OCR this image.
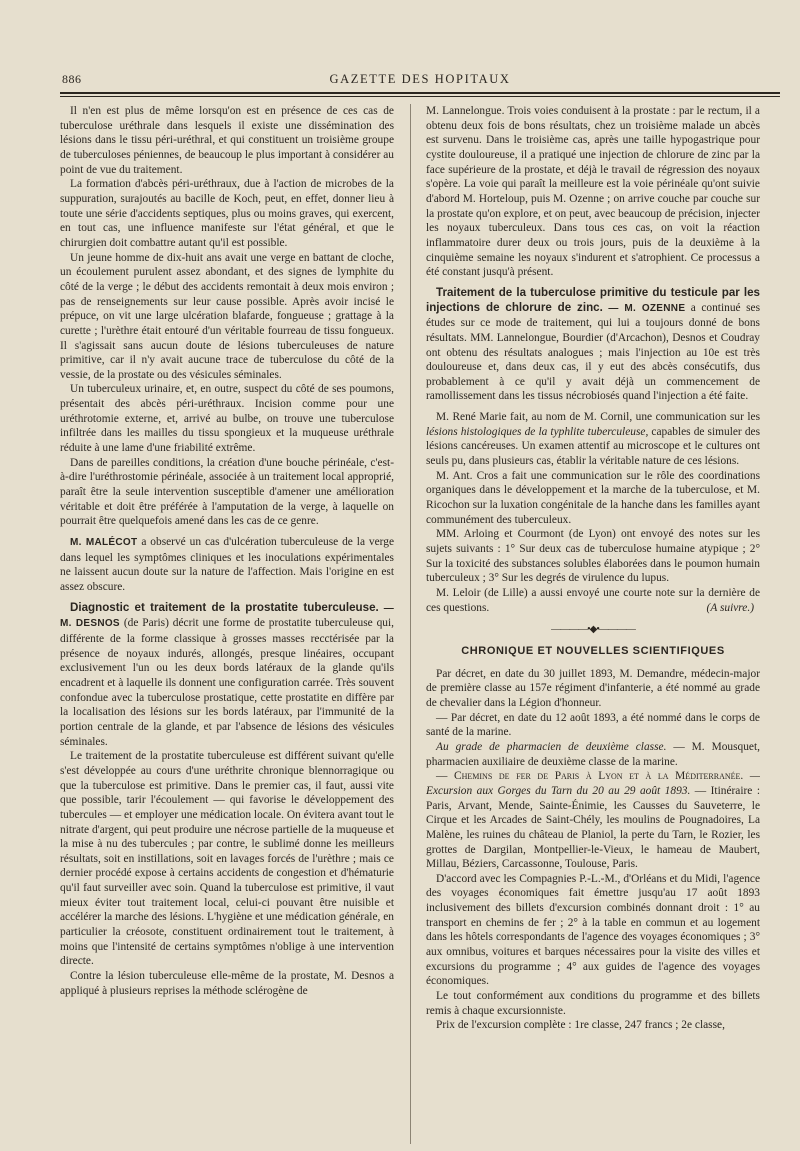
886	GAZETTE DES HOPITAUX

Il n'en est plus de même lorsqu'on est en présence de ces cas de tuberculose uréthrale dans lesquels il existe une dissémination des lésions dans le tissu péri-uréthral, et qui constituent un troisième groupe de tuberculoses péniennes, de beaucoup le plus important à considérer au point de vue du traitement.

La formation d'abcès péri-uréthraux, due à l'action de microbes de la suppuration, surajoutés au bacille de Koch, peut, en effet, donner lieu à toute une série d'accidents septiques, plus ou moins graves, qui exercent, en tout cas, une influence manifeste sur l'état général, et que le chirurgien doit combattre autant qu'il est possible.

Un jeune homme de dix-huit ans avait une verge en battant de cloche, un écoulement purulent assez abondant, et des signes de lymphite du côté de la verge ; le début des accidents remontait à deux mois environ ; pas de renseignements sur leur cause possible. Après avoir incisé le prépuce, on vit une large ulcération blafarde, fongueuse ; grattage à la curette ; l'urèthre était entouré d'un véritable fourreau de tissu fongueux. Il s'agissait sans aucun doute de lésions tuberculeuses de nature primitive, car il n'y avait aucune trace de tuberculose du côté de la vessie, de la prostate ou des vésicules séminales.

Un tuberculeux urinaire, et, en outre, suspect du côté de ses poumons, présentait des abcès péri-uréthraux. Incision comme pour une uréthrotomie externe, et, arrivé au bulbe, on trouve une tuberculose infiltrée dans les mailles du tissu spongieux et la muqueuse uréthrale réduite à une lame d'une friabilité extrême.

Dans de pareilles conditions, la création d'une bouche périnéale, c'est-à-dire l'uréthrostomie périnéale, associée à un traitement local approprié, paraît être la seule intervention susceptible d'amener une amélioration véritable et doit être préférée à l'amputation de la verge, à laquelle on pourrait être quelquefois amené dans les cas de ce genre.

M. MALÉCOT a observé un cas d'ulcération tuberculeuse de la verge dans lequel les symptômes cliniques et les inoculations expérimentales ne laissent aucun doute sur la nature de l'affection. Mais l'origine en est assez obscure.

Diagnostic et traitement de la prostatite tuberculeuse. — M. DESNOS (de Paris) décrit une forme de prostatite tuberculeuse qui, différente de la forme classique à grosses masses recctérisée par la présence de noyaux indurés, allongés, presque linéaires, occupant exclusivement l'un ou les deux bords latéraux de la glande qu'ils encadrent et à laquelle ils donnent une configuration carrée. Très souvent confondue avec la tuberculose prostatique, cette prostatite en diffère par la localisation des lésions sur les bords latéraux, par l'immunité de la portion centrale de la glande, et par l'absence de lésions des vésicules séminales.

Le traitement de la prostatite tuberculeuse est différent suivant qu'elle s'est développée au cours d'une uréthrite chronique blennorragique ou que la tuberculose est primitive. Dans le premier cas, il faut, aussi vite que possible, tarir l'écoulement — qui favorise le développement des tubercules — et employer une médication locale. On évitera avant tout le nitrate d'argent, qui peut produire une nécrose partielle de la muqueuse et la mise à nu des tubercules ; par contre, le sublimé donne les meilleurs résultats, soit en instillations, soit en lavages forcés de l'urèthre ; mais ce dernier procédé expose à certains accidents de congestion et d'hématurie qu'il faut surveiller avec soin. Quand la tuberculose est primitive, il vaut mieux éviter tout traitement local, celui-ci pouvant être nuisible et accélérer la marche des lésions. L'hygiène et une médication générale, en particulier la créosote, constituent ordinairement tout le traitement, à moins que l'intensité de certains symptômes n'oblige à une intervention directe.

Contre la lésion tuberculeuse elle-même de la prostate, M. Desnos a appliqué à plusieurs reprises la méthode sclérogène de

M. Lannelongue. Trois voies conduisent à la prostate : par le rectum, il a obtenu deux fois de bons résultats, chez un troisième malade un abcès est survenu. Dans le troisième cas, après une taille hypogastrique pour cystite douloureuse, il a pratiqué une injection de chlorure de zinc par la face supérieure de la prostate, et déjà le travail de régression des noyaux s'opère. La voie qui paraît la meilleure est la voie périnéale qu'ont suivie d'abord M. Horteloup, puis M. Ozenne ; on arrive couche par couche sur la prostate qu'on explore, et on peut, avec beaucoup de précision, injecter les noyaux tuberculeux. Dans tous ces cas, on voit la réaction inflammatoire durer deux ou trois jours, puis de la deuxième à la cinquième semaine les noyaux s'indurent et s'atrophient. Ce processus a été constant jusqu'à présent.

Traitement de la tuberculose primitive du testicule par les injections de chlorure de zinc. — M. OZENNE a continué ses études sur ce mode de traitement, qui lui a toujours donné de bons résultats. MM. Lannelongue, Bourdier (d'Arcachon), Desnos et Coudray ont obtenu des résultats analogues ; mais l'injection au 10e est très douloureuse et, dans deux cas, il y eut des abcès consécutifs, dus probablement à ce qu'il y avait déjà un commencement de ramollissement dans les tissus nécrobiosés quand l'injection a été faite.

M. René Marie fait, au nom de M. Cornil, une communication sur les lésions histologiques de la typhlite tuberculeuse, capables de simuler des lésions cancéreuses. Un examen attentif au microscope et le cultures ont seuls pu, dans plusieurs cas, établir la véritable nature de ces lésions.

M. Ant. Cros a fait une communication sur le rôle des coordinations organiques dans le développement et la marche de la tuberculose, et M. Ricochon sur la luxation congénitale de la hanche dans les familles ayant communément des tuberculeux.

MM. Arloing et Courmont (de Lyon) ont envoyé des notes sur les sujets suivants : 1° Sur deux cas de tuberculose humaine atypique ; 2° Sur la toxicité des substances solubles élaborées dans le poumon humain tuberculeux ; 3° Sur les degrés de virulence du lupus.

M. Leloir (de Lille) a aussi envoyé une courte note sur la dernière de ces questions.	(A suivre.)

————•◆•————
CHRONIQUE ET NOUVELLES SCIENTIFIQUES

Par décret, en date du 30 juillet 1893, M. Demandre, médecin-major de première classe au 157e régiment d'infanterie, a été nommé au grade de chevalier dans la Légion d'honneur.

— Par décret, en date du 12 août 1893, a été nommé dans le corps de santé de la marine.

Au grade de pharmacien de deuxième classe. — M. Mousquet, pharmacien auxiliaire de deuxième classe de la marine.

— Chemins de fer de Paris à Lyon et à la Méditerranée. — Excursion aux Gorges du Tarn du 20 au 29 août 1893. — Itinéraire : Paris, Arvant, Mende, Sainte-Énimie, les Causses du Sauveterre, le Cirque et les Arcades de Saint-Chély, les moulins de Pougnadoires, La Malène, les ruines du château de Planiol, la perte du Tarn, le Rozier, les grottes de Dargilan, Montpellier-le-Vieux, le hameau de Maubert, Millau, Béziers, Carcassonne, Toulouse, Paris.

D'accord avec les Compagnies P.-L.-M., d'Orléans et du Midi, l'agence des voyages économiques fait émettre jusqu'au 17 août 1893 inclusivement des billets d'excursion combinés donnant droit : 1° au transport en chemins de fer ; 2° à la table en commun et au logement dans les hôtels correspondants de l'agence des voyages économiques ; 3° aux omnibus, voitures et barques nécessaires pour la visite des villes et excursions du programme ; 4° aux guides de l'agence des voyages économiques.

Le tout conformément aux conditions du programme et des billets remis à chaque excursionniste.

Prix de l'excursion complète : 1re classe, 247 francs ; 2e classe,
